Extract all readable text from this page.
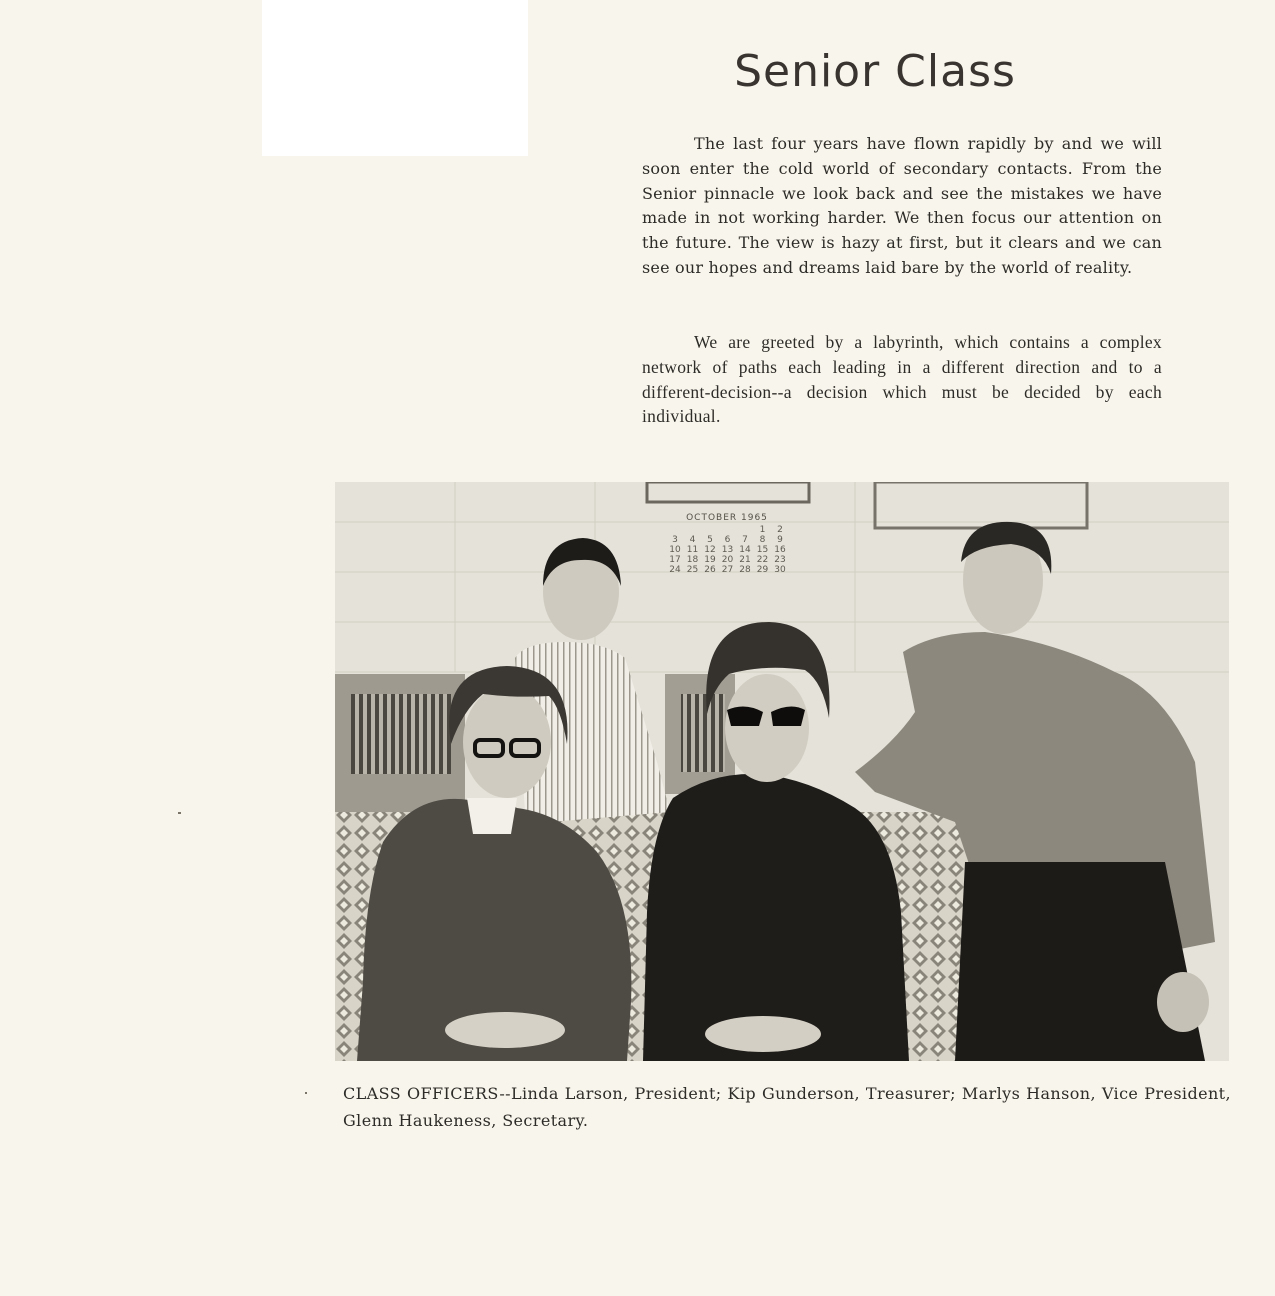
Senior Class

The last four years have flown rapidly by and we will soon enter the cold world of secondary contacts. From the Senior pinnacle we look back and see the mistakes we have made in not working harder. We then focus our attention on the future. The view is hazy at first, but it clears and we can see our hopes and dreams laid bare by the world of reality.

We are greeted by a labyrinth, which contains a complex network of paths each leading in a different direction and to a different-decision--a decision which must be decided by each individual.

OCTOBER 1965
1 2
3 4 5 6 7 8 9
10 11 12 13 14 15 16
17 18 19 20 21 22 23
24 25 26 27 28 29 30

CLASS OFFICERS--Linda Larson, President; Kip Gunderson, Treasurer; Marlys Hanson, Vice President, Glenn Haukeness, Secretary.
